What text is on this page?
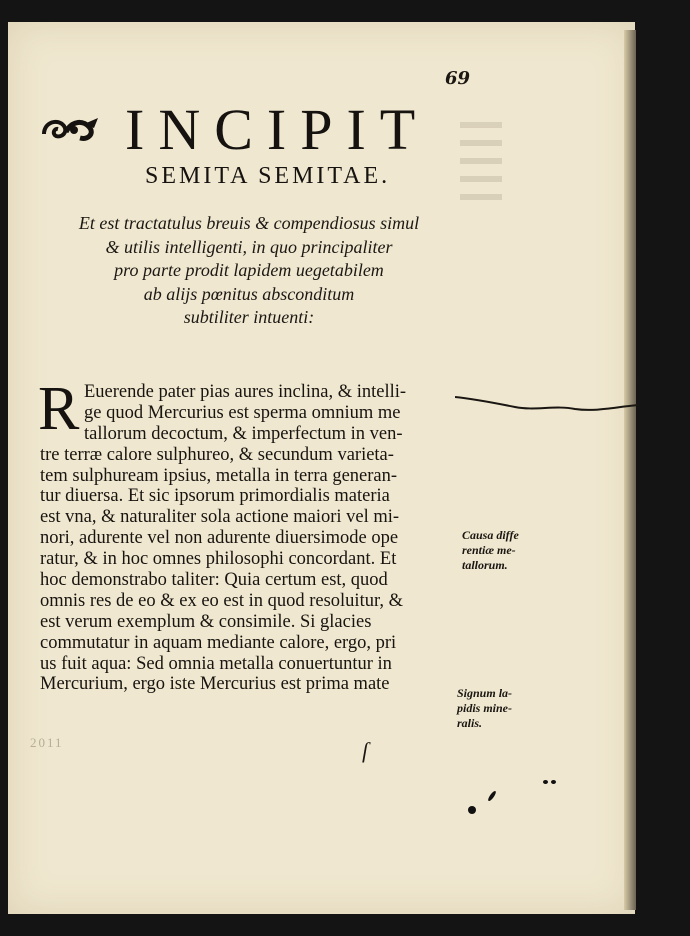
69
INCIPIT
SEMITA SEMITAE.
Et est tractatulus breuis & compendiosus simul
& utilis intelligenti, in quo principaliter
pro parte prodit lapidem uegetabilem
ab alijs pœnitus absconditum
subtiliter intuenti:
R Euerende pater pias aures inclina, & intelli-
ge quod Mercurius est sperma omnium me
tallorum decoctum, & imperfectum in ven-
tre terræ calore sulphureo, & secundum varieta-
tem sulphuream ipsius, metalla in terra generan-
tur diuersa. Et sic ipsorum primordialis materia
est vna, & naturaliter sola actione maiori vel mi-
nori, adurente vel non adurente diuersimode ope
ratur, & in hoc omnes philosophi concordant. Et
hoc demonstrabo taliter: Quia certum est, quod
omnis res de eo & ex eo est in quod resoluitur, &
est verum exemplum & consimile. Si glacies
commutatur in aquam mediante calore, ergo, pri
us fuit aqua: Sed omnia metalla conuertuntur in
Mercurium, ergo iste Mercurius est prima mate
Causa diffe
rentiæ me-
tallorum.
Signum la-
pidis mine-
ralis.
ſ
2011
